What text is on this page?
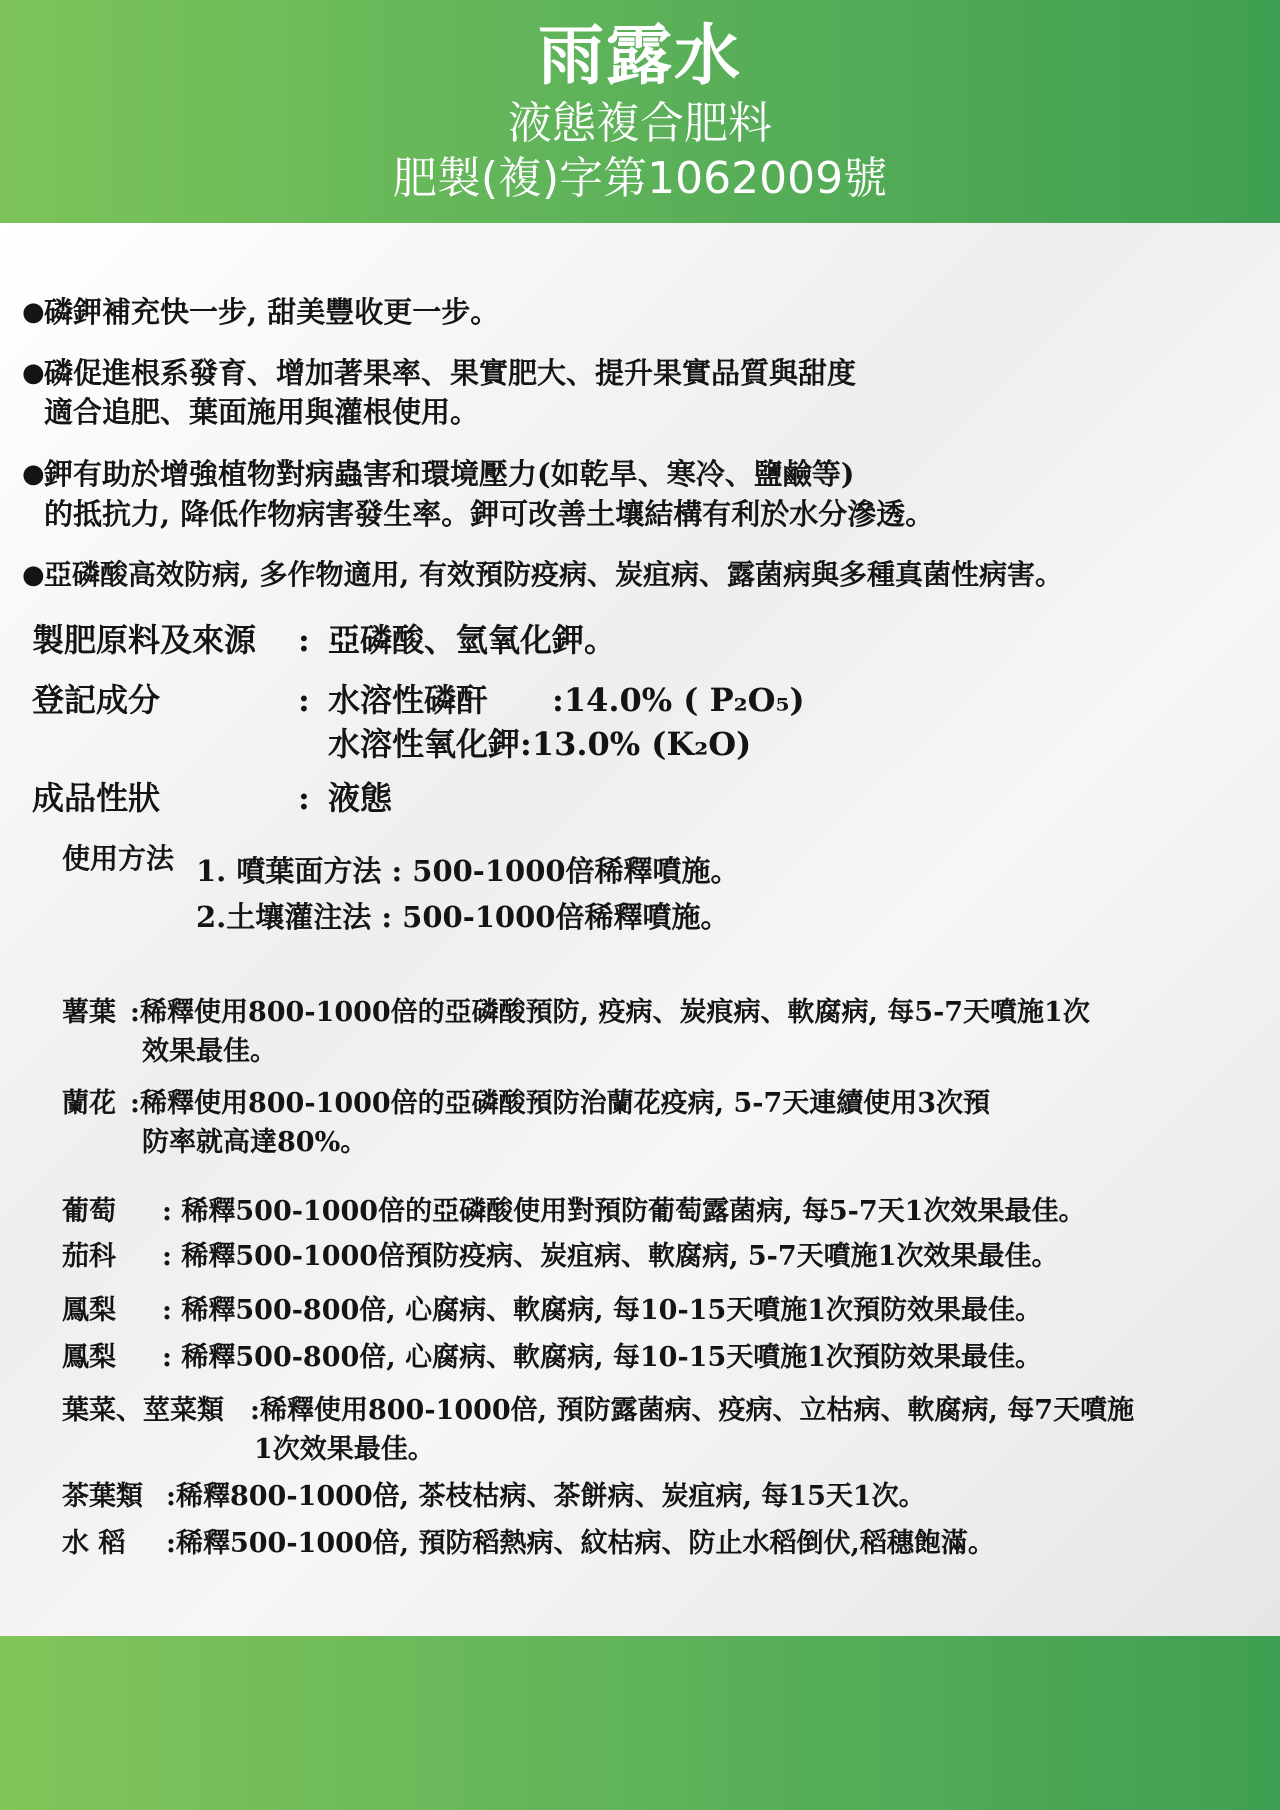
雨露水
液態複合肥料
肥製(複)字第1062009號
● 磷鉀補充快一步, 甜美豐收更一步。
● 磷促進根系發育、增加著果率、果實肥大、提升果實品質與甜度
適合追肥、葉面施用與灌根使用。
● 鉀有助於增強植物對病蟲害和環境壓力(如乾旱、寒冷、鹽鹼等)
的抵抗力, 降低作物病害發生率。鉀可改善土壤結構有利於水分滲透。
● 亞磷酸高效防病, 多作物適用, 有效預防疫病、炭疽病、露菌病與多種真菌性病害。
製肥原料及來源 : 亞磷酸、氫氧化鉀。
登記成分	: 水溶性磷酐 :14.0% ( P₂O₅)
水溶性氧化鉀 :13.0% (K₂O)
成品性狀	: 液態
使用方法 1. 噴葉面方法 : 500-1000倍稀釋噴施。
2.土壤灌注法 : 500-1000倍稀釋噴施。
薯葉 :稀釋使用800-1000倍的亞磷酸預防, 疫病、炭痕病、軟腐病, 每5-7天噴施1次
效果最佳。
蘭花 :稀釋使用800-1000倍的亞磷酸預防治蘭花疫病, 5-7天連續使用3次預
防率就高達80%。
葡萄 : 稀釋500-1000倍的亞磷酸使用對預防葡萄露菌病, 每5-7天1次效果最佳。
茄科 : 稀釋500-1000倍預防疫病、炭疽病、軟腐病, 5-7天噴施1次效果最佳。
鳳梨 : 稀釋500-800倍, 心腐病、軟腐病, 每10-15天噴施1次預防效果最佳。
鳳梨 : 稀釋500-800倍, 心腐病、軟腐病, 每10-15天噴施1次預防效果最佳。
葉菜、莖菜類 :稀釋使用800-1000倍, 預防露菌病、疫病、立枯病、軟腐病, 每7天噴施
1次效果最佳。
茶葉類 :稀釋800-1000倍, 茶枝枯病、茶餅病、炭疽病, 每15天1次。
水 稻 :稀釋500-1000倍, 預防稻熱病、紋枯病、防止水稻倒伏,稻穗飽滿。
